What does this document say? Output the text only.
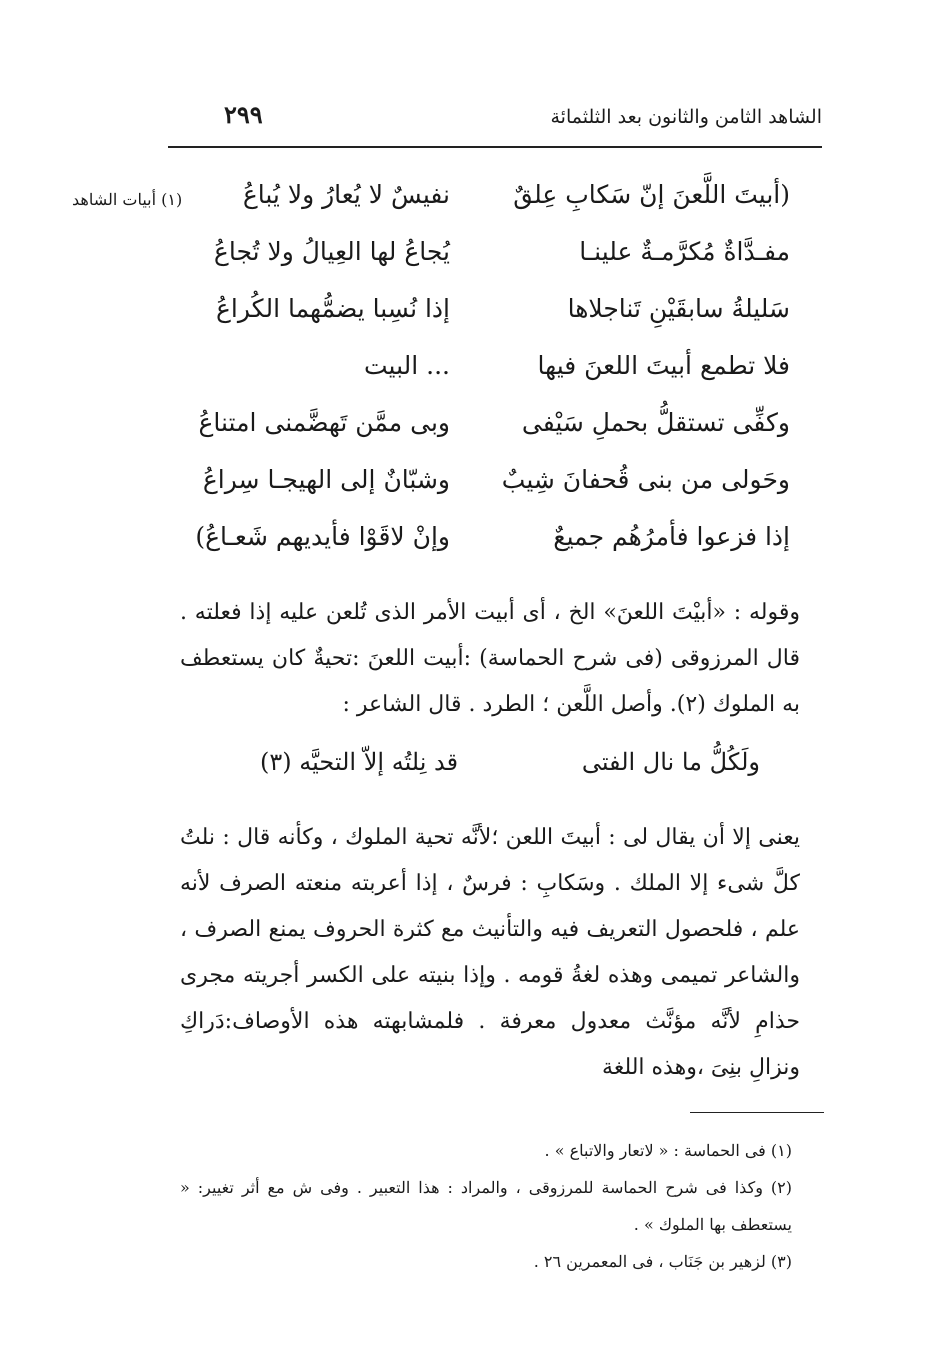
الشاهد الثامن والثانون بعد الثلثمائة
٢٩٩
(١) أبيات الشاهد	(أبيتَ اللَّعنَ إنّ سَكابِ عِلقٌ
نفيسٌ لا يُعارُ ولا يُباعُ
مفـدَّاةٌ مُكرَّمـةٌ علينـا
يُجاعُ لها العِيالُ ولا تُجاعُ
سَليلةُ سابقَيْنِ تَناجلاها
إذا نُسِبا يضمُّهما الكُراعُ
فلا تطمع أبيتَ اللعنَ فيها
... البيت
وكفِّى تستقلُّ بحملِ سَيْفى
وبى ممَّن تَهضَّمنى امتناعُ
وحَولى من بنى قُحفانَ شِيبٌ
وشبّانٌ إلى الهيجـا سِراعُ
إذا فزعوا فأمرُهُم جميعٌ
وإنْ لاقَوْا فأيديهم شَعـاعُ)
وقوله : «أبيْتَ اللعنَ» الخ ، أى أبيت الأمر الذى تُلعن عليه إذا فعلته . قال المرزوقى (فى شرح الحماسة) :أبيت اللعنَ :تحيةٌ كان يستعطف به الملوك (٢). وأصل اللَّعن ؛ الطرد . قال الشاعر :
ولَكُلُّ ما نال الفتى
قد نِلتُه إلاّ التحيَّه (٣)
يعنى إلا أن يقال لى : أبيتَ اللعن ؛لأنَّه تحية الملوك ، وكأنه قال : نلتُ كلَّ شىء إلا الملك . وسَكابِ : فرسٌ ، إذا أعربته منعته الصرف لأنه علم ، فلحصول التعريف فيه والتأنيث مع كثرة الحروف يمنع الصرف ، والشاعر تميمى وهذه لغةُ قومه . وإذا بنيته على الكسر أجريته مجرى حذامِ لأنَّه مؤنَّث معدول معرفة . فلمشابهته هذه الأوصاف:دَراكِ ونزالِ بنِىَ ،وهذه اللغة

(١) فى الحماسة : « لاتعار والاتباع » .

(٢) وكذا فى شرح الحماسة للمرزوقى ، والمراد : هذا التعبير . وفى ش مع أثر تغيير: « يستعطف بها الملوك » .

(٣) لزهير بن جَنَاب ، فى المعمرين ٢٦ .
